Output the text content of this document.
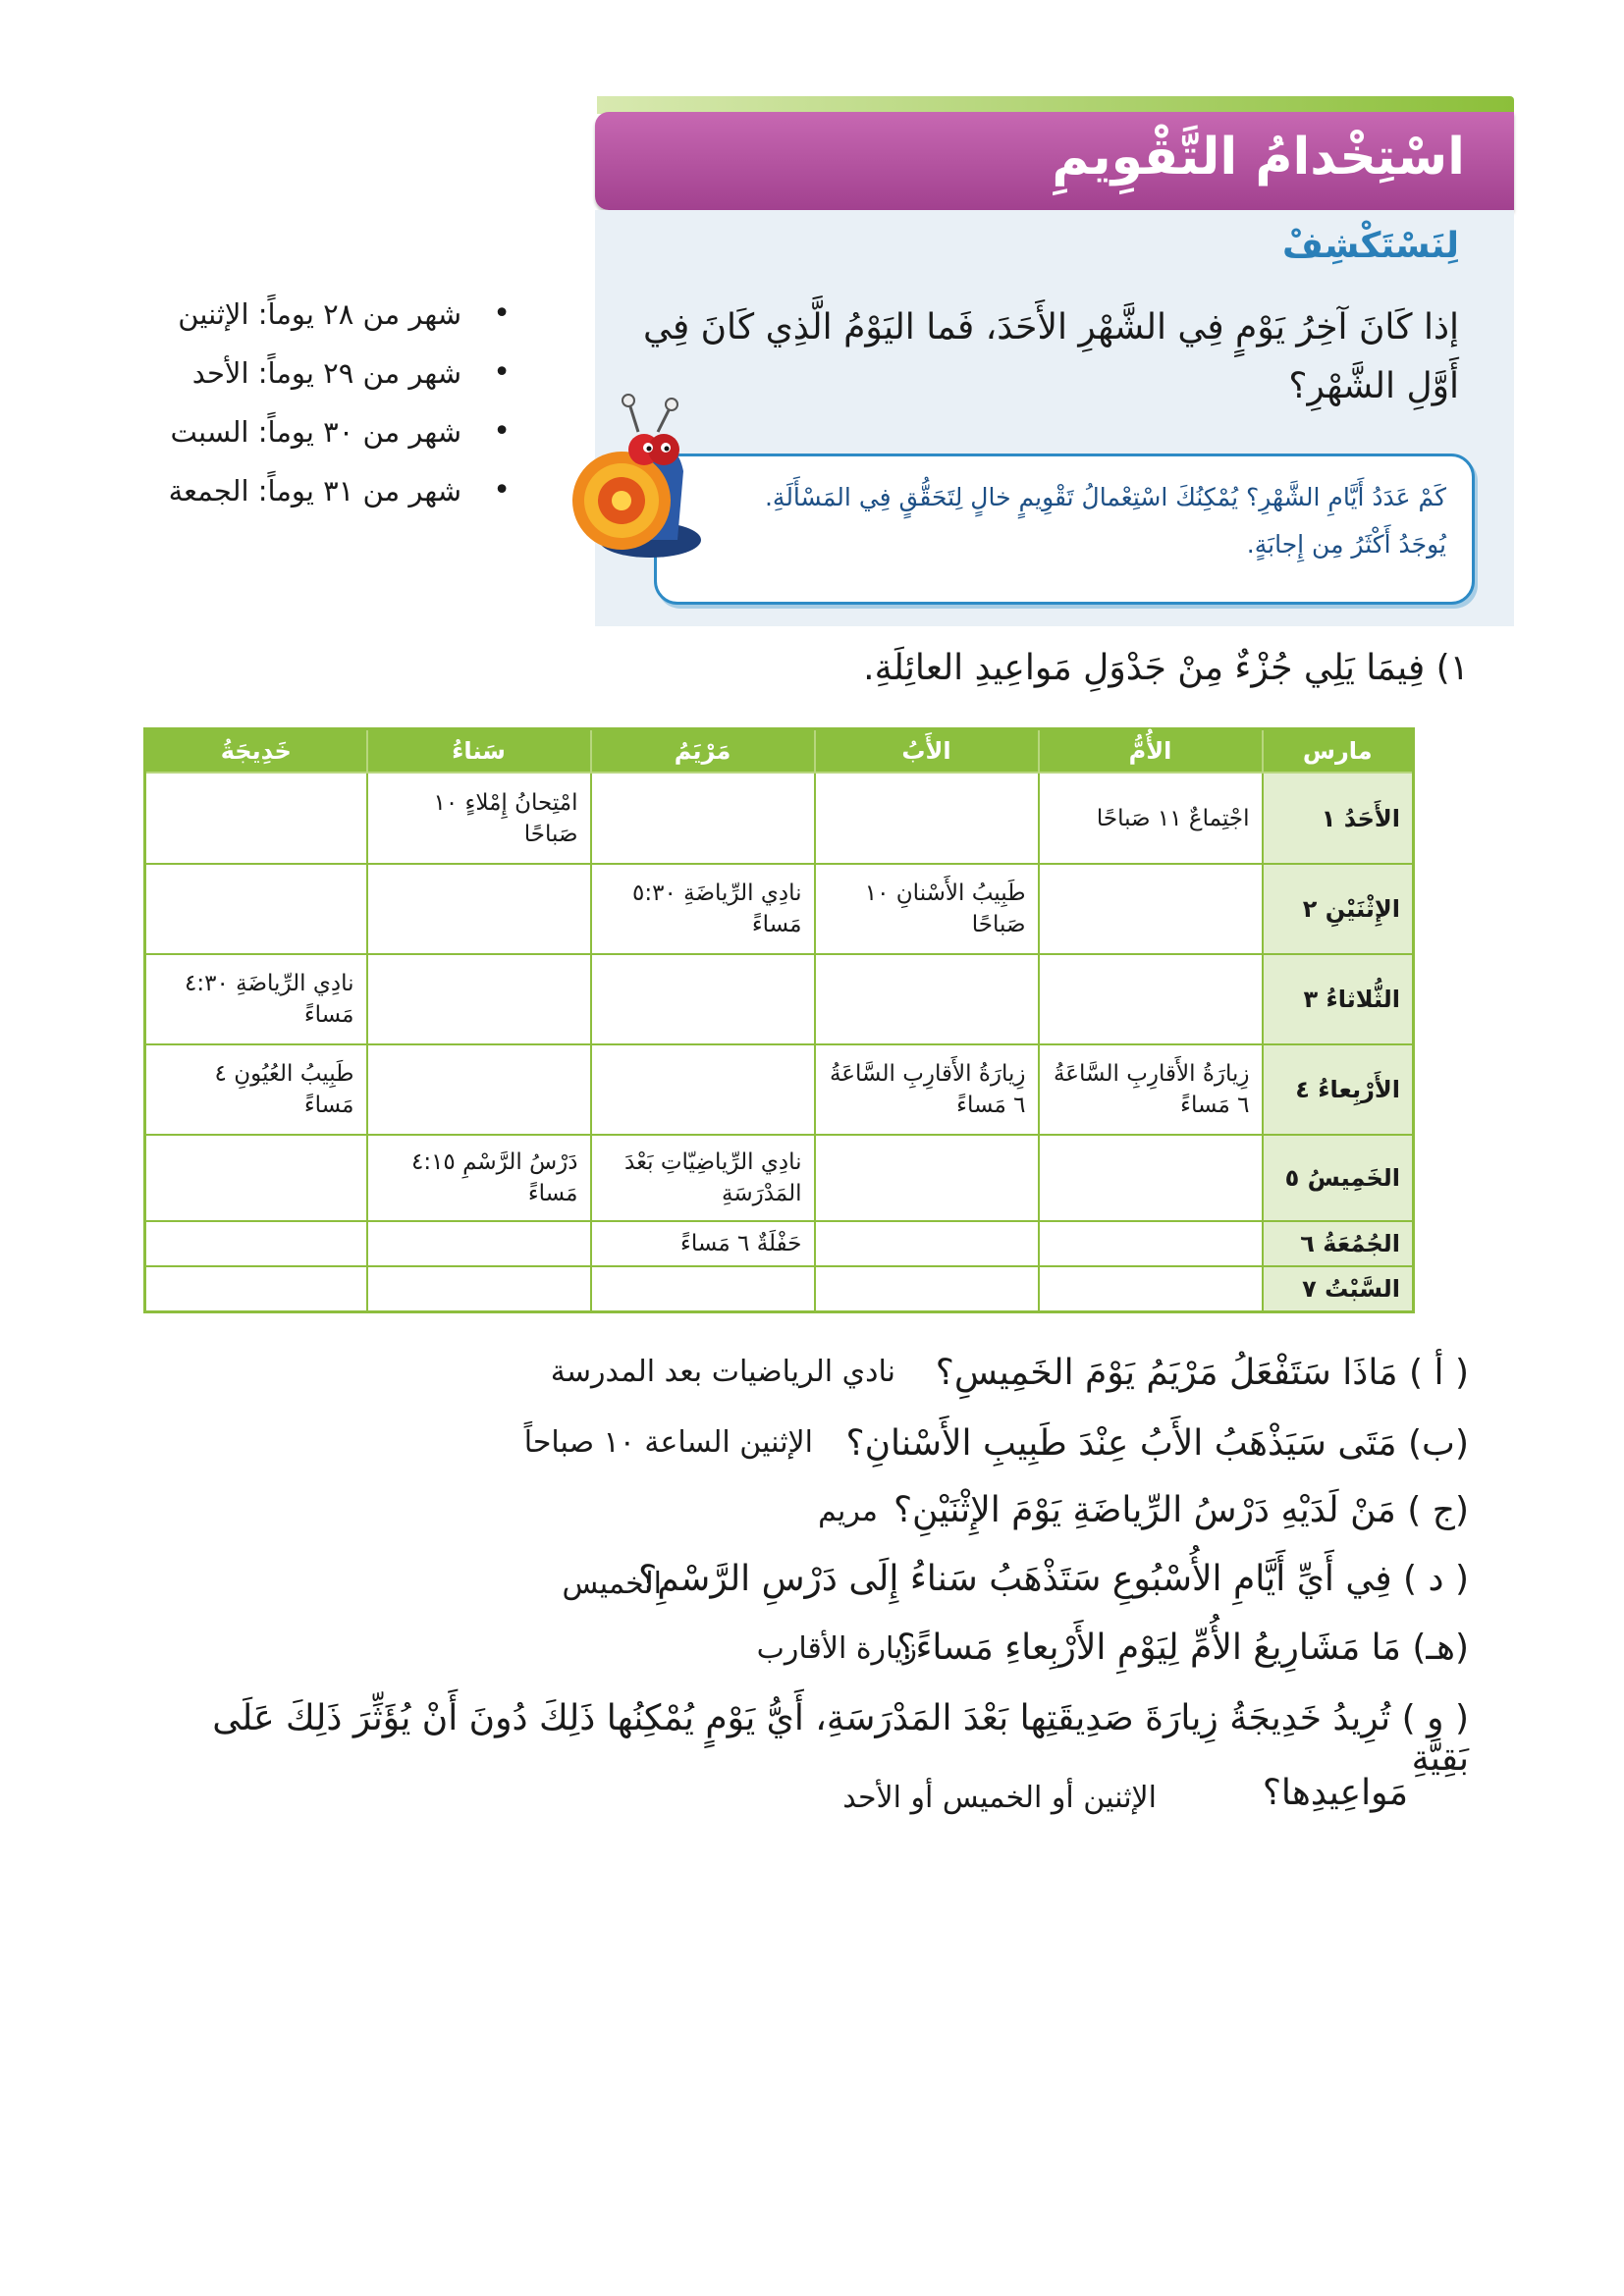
اسْتِخْدامُ التَّقْوِيمِ
لِنَسْتَكْشِفْ
إذا كَانَ آخِرُ يَوْمٍ فِي الشَّهْرِ الأَحَدَ، فَما اليَوْمُ الَّذِي كَانَ فِي أَوَّلِ الشَّهْرِ؟
كَمْ عَدَدُ أَيَّامِ الشَّهْرِ؟ يُمْكِنُكَ اسْتِعْمالُ تَقْوِيمٍ خالٍ لِتَحَقُّقٍ فِي المَسْأَلَةِ. يُوجَدُ أَكْثَرُ مِن إِجابَةٍ.
•
شهر من ٢٨ يوماً: الإثنين
•
شهر من ٢٩ يوماً: الأحد
•
شهر من ٣٠ يوماً: السبت
•
شهر من ٣١ يوماً: الجمعة
١) فِيمَا يَلِي جُزْءٌ مِنْ جَدْوَلِ مَواعِيدِ العائِلَةِ.
مارس	الأُمُّ	الأَبُ	مَرْيَمُ	سَناءُ	خَدِيجَةُ
الأَحَدُ ١	اجْتِماعٌ ١١ صَباحًا			امْتِحانُ إِمْلاءٍ ١٠ صَباحًا	
الإِثْنَيْنِ ٢		طَبِيبُ الأَسْنانِ ١٠ صَباحًا	نادِي الرِّياضَةِ ٥:٣٠ مَساءً		
الثُّلاثاءُ ٣					نادِي الرِّياضَةِ ٤:٣٠ مَساءً
الأَرْبِعاءُ ٤	زِيارَةُ الأَقارِبِ السَّاعَةُ ٦ مَساءً	زِيارَةُ الأَقارِبِ السَّاعَةُ ٦ مَساءً			طَبِيبُ العُيُونِ ٤ مَساءً
الخَمِيسُ ٥			نادِي الرِّياضِيّاتِ بَعْدَ المَدْرَسَةِ	دَرْسُ الرَّسْمِ ٤:١٥ مَساءً	
الجُمُعَةُ ٦			حَفْلَةٌ ٦ مَساءً		
السَّبْتُ ٧					
( أ ) مَاذَا سَتَفْعَلُ مَرْيَمُ يَوْمَ الخَمِيسِ؟
نادي الرياضيات بعد المدرسة
(ب) مَتَى سَيَذْهَبُ الأَبُ عِنْدَ طَبِيبِ الأَسْنانِ؟
الإثنين الساعة ١٠ صباحاً
(ج ) مَنْ لَدَيْهِ دَرْسُ الرِّياضَةِ يَوْمَ الإِثْنَيْنِ؟
مريم
( د ) فِي أَيِّ أَيَّامِ الأُسْبُوعِ سَتَذْهَبُ سَناءُ إِلَى دَرْسِ الرَّسْمِ؟
الخميس
(هـ) مَا مَشَارِيعُ الأُمِّ لِيَوْمِ الأَرْبِعاءِ مَساءً؟
زيارة الأقارب
( و ) تُرِيدُ خَدِيجَةُ زِيارَةَ صَدِيقَتِها بَعْدَ المَدْرَسَةِ، أَيُّ يَوْمٍ يُمْكِنُها ذَلِكَ دُونَ أَنْ يُؤَثِّرَ ذَلِكَ عَلَى بَقِيَّةِ
مَواعِيدِها؟
الإثنين أو الخميس أو الأحد
